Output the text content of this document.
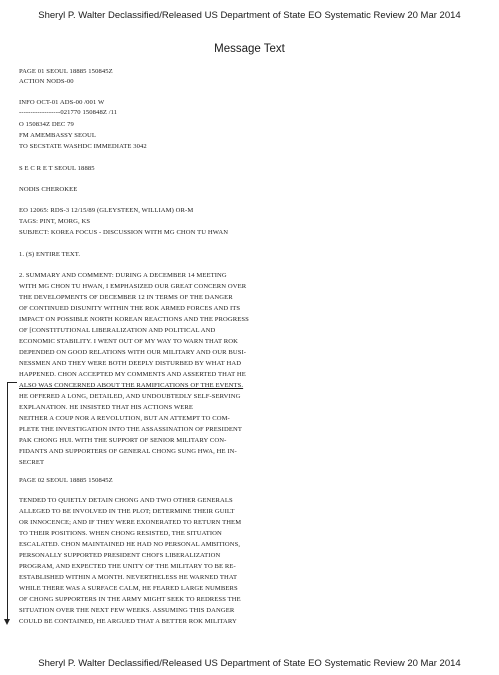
Sheryl P. Walter Declassified/Released US Department of State EO Systematic Review 20 Mar 2014
Message Text
PAGE 01 SEOUL 18885 150845Z
ACTION NODS-00
INFO OCT-01 ADS-00 /001 W
------------------021770 150848Z /11
O 150834Z DEC 79
FM AMEMBASSY SEOUL
TO SECSTATE WASHDC IMMEDIATE 3042
S E C R E T SEOUL 18885
NODIS CHEROKEE
EO 12065: RDS-3 12/15/89 (GLEYSTEEN, WILLIAM) OR-M
TAGS: PINT, MORG, KS
SUBJECT: KOREA FOCUS - DISCUSSION WITH MG CHON TU HWAN
1. (S) ENTIRE TEXT.
2. SUMMARY AND COMMENT: DURING A DECEMBER 14 MEETING
WITH MG CHON TU HWAN, I EMPHASIZED OUR GREAT CONCERN OVER
THE DEVELOPMENTS OF DECEMBER 12 IN TERMS OF THE DANGER
OF CONTINUED DISUNITY WITHIN THE ROK ARMED FORCES AND ITS
IMPACT ON POSSIBLE NORTH KOREAN REACTIONS AND THE PROGRESS
OF [CONSTITUTIONAL LIBERALIZATION AND POLITICAL AND
ECONOMIC STABILITY. I WENT OUT OF MY WAY TO WARN THAT ROK
DEPENDED ON GOOD RELATIONS WITH OUR MILITARY AND OUR BUSI-
NESSMEN AND THEY WERE BOTH DEEPLY DISTURBED BY WHAT HAD
HAPPENED. CHON ACCEPTED MY COMMENTS AND ASSERTED THAT HE
ALSO WAS CONCERNED ABOUT THE RAMIFICATIONS OF THE EVENTS.
HE OFFERED A LONG, DETAILED, AND UNDOUBTEDLY SELF-SERVING
EXPLANATION. HE INSISTED THAT HIS ACTIONS WERE
NEITHER A COUP NOR A REVOLUTION, BUT AN ATTEMPT TO COM-
PLETE THE INVESTIGATION INTO THE ASSASSINATION OF PRESIDENT
PAK CHONG HUI. WITH THE SUPPORT OF SENIOR MILITARY CON-
FIDANTS AND SUPPORTERS OF GENERAL CHONG SUNG HWA, HE IN-
SECRET
PAGE 02 SEOUL 18885 150845Z
TENDED TO QUIETLY DETAIN CHONG AND TWO OTHER GENERALS
ALLEGED TO BE INVOLVED IN THE PLOT; DETERMINE THEIR GUILT
OR INNOCENCE; AND IF THEY WERE EXONERATED TO RETURN THEM
TO THEIR POSITIONS. WHEN CHONG RESISTED, THE SITUATION
ESCALATED. CHON MAINTAINED HE HAD NO PERSONAL AMBITIONS,
PERSONALLY SUPPORTED PRESIDENT CHOI'S LIBERALIZATION
PROGRAM, AND EXPECTED THE UNITY OF THE MILITARY TO BE RE-
ESTABLISHED WITHIN A MONTH. NEVERTHELESS HE WARNED THAT
WHILE THERE WAS A SURFACE CALM, HE FEARED LARGE NUMBERS
OF CHONG SUPPORTERS IN THE ARMY MIGHT SEEK TO REDRESS THE
SITUATION OVER THE NEXT FEW WEEKS. ASSUMING THIS DANGER
COULD BE CONTAINED, HE ARGUED THAT A BETTER ROK MILITARY
Sheryl P. Walter Declassified/Released US Department of State EO Systematic Review 20 Mar 2014
